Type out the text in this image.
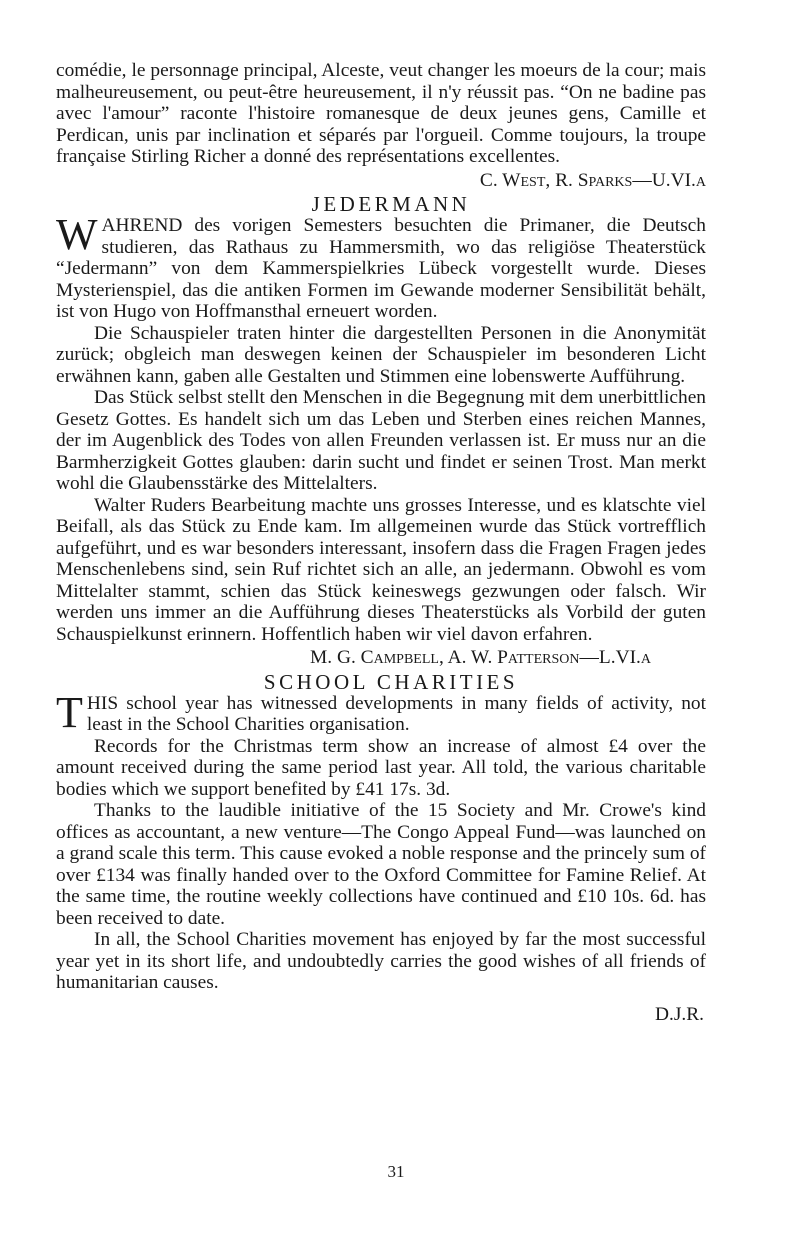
comédie, le personnage principal, Alceste, veut changer les moeurs de la cour; mais malheureusement, ou peut-être heureusement, il n'y réussit pas. “On ne badine pas avec l'amour” raconte l'histoire romanesque de deux jeunes gens, Camille et Perdican, unis par inclination et séparés par l'orgueil. Comme toujours, la troupe française Stirling Richer a donné des représentations excellentes.

C. West, R. Sparks—U.VI.a

JEDERMANN

WAHREND des vorigen Semesters besuchten die Primaner, die Deutsch studieren, das Rathaus zu Hammersmith, wo das religiöse Theaterstück “Jedermann” von dem Kammerspielkries Lübeck vorgestellt wurde. Dieses Mysterienspiel, das die antiken Formen im Gewande moderner Sensibilität behält, ist von Hugo von Hoffmansthal erneuert worden.

Die Schauspieler traten hinter die dargestellten Personen in die Anonymität zurück; obgleich man deswegen keinen der Schauspieler im besonderen Licht erwähnen kann, gaben alle Gestalten und Stimmen eine lobenswerte Aufführung.

Das Stück selbst stellt den Menschen in die Begegnung mit dem unerbittlichen Gesetz Gottes. Es handelt sich um das Leben und Sterben eines reichen Mannes, der im Augenblick des Todes von allen Freunden verlassen ist. Er muss nur an die Barmherzigkeit Gottes glauben: darin sucht und findet er seinen Trost. Man merkt wohl die Glaubensstärke des Mittelalters.

Walter Ruders Bearbeitung machte uns grosses Interesse, und es klatschte viel Beifall, als das Stück zu Ende kam. Im allgemeinen wurde das Stück vortrefflich aufgeführt, und es war besonders interessant, insofern dass die Fragen Fragen jedes Menschenlebens sind, sein Ruf richtet sich an alle, an jedermann. Obwohl es vom Mittelalter stammt, schien das Stück keineswegs gezwungen oder falsch. Wir werden uns immer an die Aufführung dieses Theaterstücks als Vorbild der guten Schauspielkunst erinnern. Hoffentlich haben wir viel davon erfahren.

M. G. Campbell, A. W. Patterson—L.VI.a

SCHOOL CHARITIES

THIS school year has witnessed developments in many fields of activity, not least in the School Charities organisation.

Records for the Christmas term show an increase of almost £4 over the amount received during the same period last year. All told, the various charitable bodies which we support benefited by £41 17s. 3d.

Thanks to the laudible initiative of the 15 Society and Mr. Crowe's kind offices as accountant, a new venture—The Congo Appeal Fund—was launched on a grand scale this term. This cause evoked a noble response and the princely sum of over £134 was finally handed over to the Oxford Committee for Famine Relief. At the same time, the routine weekly collections have continued and £10 10s. 6d. has been received to date.

In all, the School Charities movement has enjoyed by far the most successful year yet in its short life, and undoubtedly carries the good wishes of all friends of humanitarian causes.

D.J.R.

31
